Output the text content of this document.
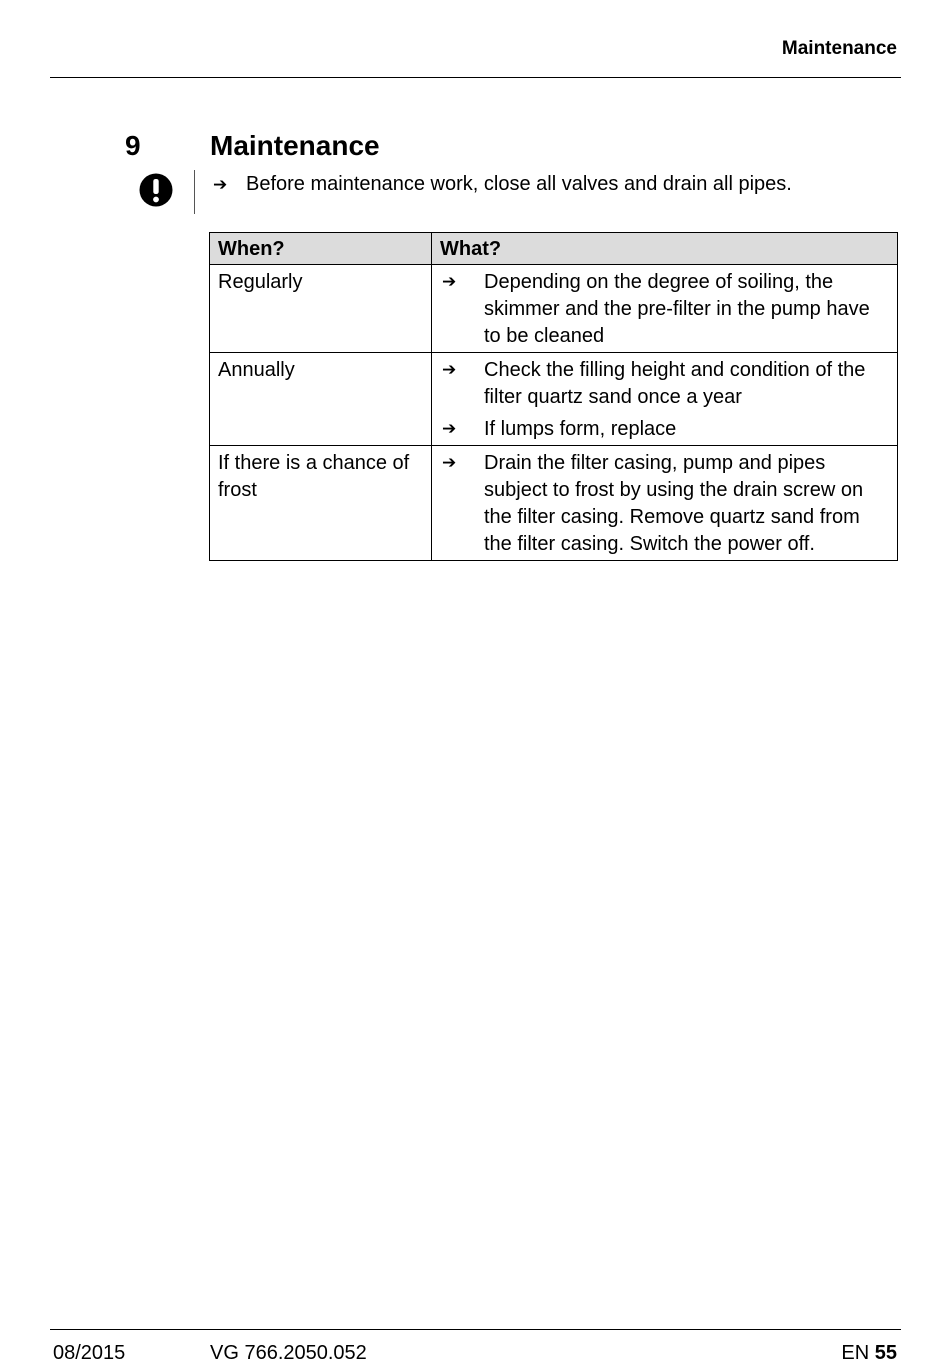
Maintenance
9 Maintenance
➔ Before maintenance work, close all valves and drain all pipes.
When?	What?
Regularly	➔ Depending on the degree of soiling, the skimmer and the pre-filter in the pump have to be cleaned

Annually	➔ Check the filling height and condition of the filter quartz sand once a year
➔ If lumps form, replace

If there is a chance of frost	➔ Drain the filter casing, pump and pipes subject to frost by using the drain screw on the filter casing. Remove quartz sand from the filter casing. Switch the power off.
08/2015	VG 766.2050.052	EN 55
